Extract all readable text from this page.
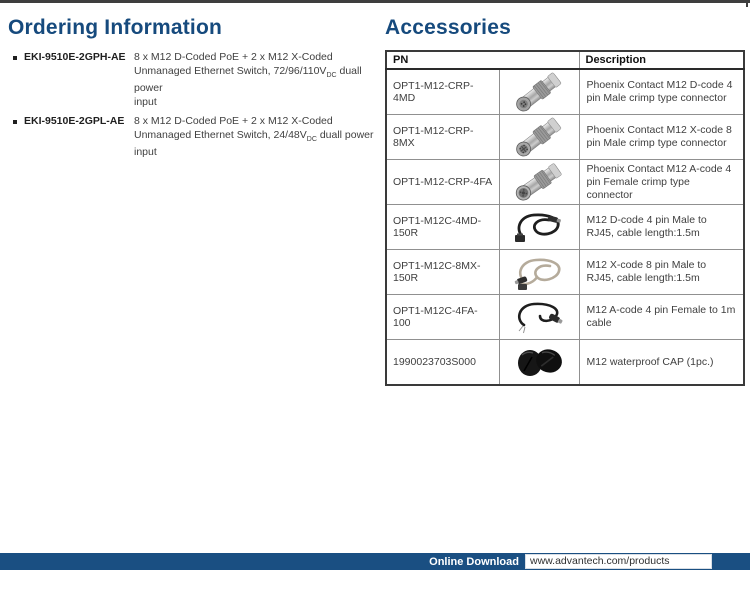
Ordering Information
EKI-9510E-2GPH-AE 8 x M12 D-Coded PoE + 2 x M12 X-Coded
Unmanaged Ethernet Switch, $72/96/110V_{DC}$ duall power
input
EKI-9510E-2GPL-AE 8 x M12 D-Coded PoE + 2 x M12 X-Coded
Unmanaged Ethernet Switch, $24/48V_{DC}$ duall power
input
Accessories
PN		Description
OPT1-M12-CRP-4MD		Phoenix Contact M12 D-code 4 pin Male crimp type connector
OPT1-M12-CRP-8MX		Phoenix Contact M12 X-code 8 pin Male crimp type connector
OPT1-M12-CRP-4FA		Phoenix Contact M12 A-code 4 pin Female crimp type connector
OPT1-M12C-4MD-150R		M12 D-code 4 pin Male to RJ45, cable length:1.5m
OPT1-M12C-8MX-150R		M12 X-code 8 pin Male to RJ45, cable length:1.5m
OPT1-M12C-4FA-100		M12 A-code 4 pin Female to 1m cable
1990023703S000		M12 waterproof CAP (1pc.)
Online Download	www.advantech.com/products
